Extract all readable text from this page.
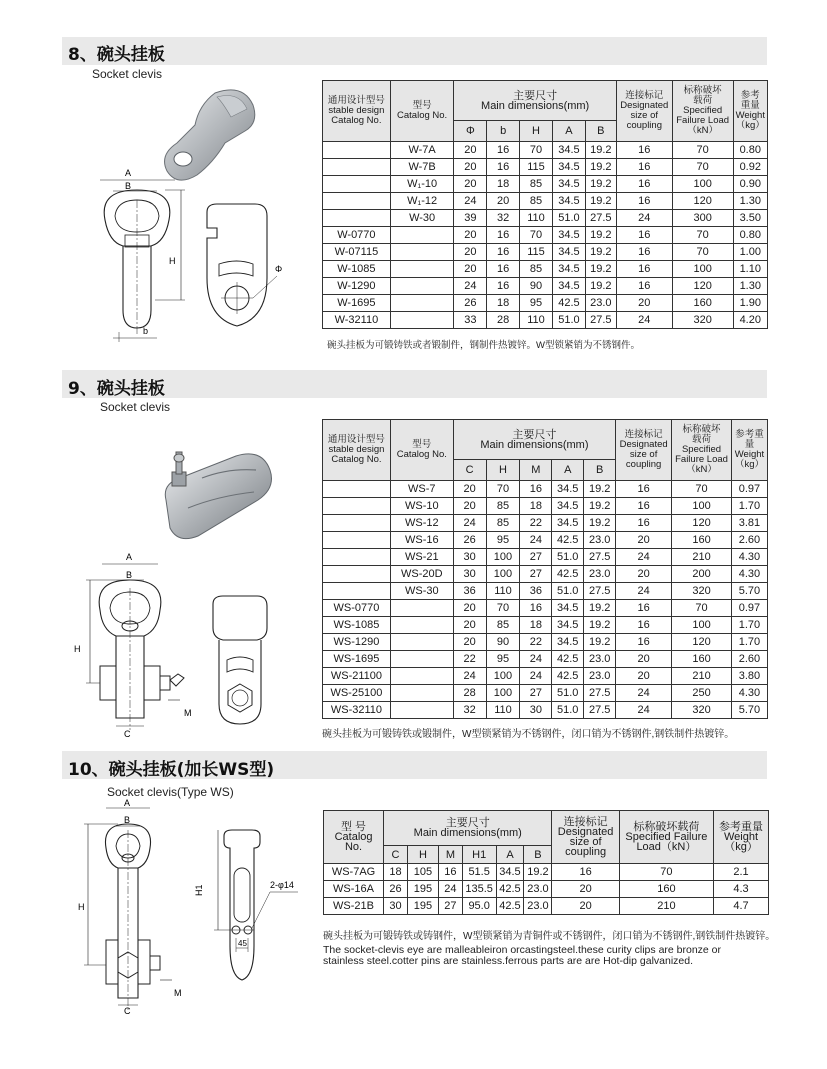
8、碗头挂板
Socket clevis
A
B
H
b
Φ
通用设计型号
stable design
Catalog No.	型号
Catalog No.	主要尺寸
Main dimensions(mm)					连接标记
Designated
size of
coupling	标称破坏
载荷
Specified
Failure Load
（kN）	参考
重量
Weight
（kg）
		Φ	b	H	A	B			
	W-7A	20	16	70	34.5	19.2	16	70	0.80
	W-7B	20	16	115	34.5	19.2	16	70	0.92
	W₁-10	20	18	85	34.5	19.2	16	100	0.90
	W₁-12	24	20	85	34.5	19.2	16	120	1.30
	W-30	39	32	110	51.0	27.5	24	300	3.50
W-0770		20	16	70	34.5	19.2	16	70	0.80
W-07115		20	16	115	34.5	19.2	16	70	1.00
W-1085		20	16	85	34.5	19.2	16	100	1.10
W-1290		24	16	90	34.5	19.2	16	120	1.30
W-1695		26	18	95	42.5	23.0	20	160	1.90
W-32110		33	28	110	51.0	27.5	24	320	4.20
碗头挂板为可锻铸铁或者锻制件，钢制件热镀锌。W型锁紧销为不锈钢件。
9、碗头挂板
Socket clevis
A
B
H
C
M
通用设计型号
stable design
Catalog No.	型号
Catalog No.	主要尺寸
Main dimensions(mm)					连接标记
Designated
size of
coupling	标称破坏
载荷
Specified
Failure Load
（kN）	参考重
量
Weight
（kg）
		C	H	M	A	B			
	WS-7	20	70	16	34.5	19.2	16	70	0.97
	WS-10	20	85	18	34.5	19.2	16	100	1.70
	WS-12	24	85	22	34.5	19.2	16	120	3.81
	WS-16	26	95	24	42.5	23.0	20	160	2.60
	WS-21	30	100	27	51.0	27.5	24	210	4.30
	WS-20D	30	100	27	42.5	23.0	20	200	4.30
	WS-30	36	110	36	51.0	27.5	24	320	5.70
WS-0770		20	70	16	34.5	19.2	16	70	0.97
WS-1085		20	85	18	34.5	19.2	16	100	1.70
WS-1290		20	90	22	34.5	19.2	16	120	1.70
WS-1695		22	95	24	42.5	23.0	20	160	2.60
WS-21100		24	100	24	42.5	23.0	20	210	3.80
WS-25100		28	100	27	51.0	27.5	24	250	4.30
WS-32110		32	110	30	51.0	27.5	24	320	5.70
碗头挂板为可锻铸铁或锻制件，W型锁紧销为不锈钢件，闭口销为不锈钢件,钢铁制件热镀锌。
10、碗头挂板(加长WS型)
Socket clevis(Type WS)
A
B
H
C
M
2-φ14
45
H1
型 号
Catalog
No.	主要尺寸
Main dimensions(mm)						连接标记
Designated
size of
coupling	标称破坏载荷
Specified Failure
Load（kN）	参考重量
Weight
（kg）
	C	H	M	H1	A	B			
WS-7AG	18	105	16	51.5	34.5	19.2	16	70	2.1
WS-16A	26	195	24	135.5	42.5	23.0	20	160	4.3
WS-21B	30	195	27	95.0	42.5	23.0	20	210	4.7
碗头挂板为可锻铸铁或铸钢件，W型锁紧销为青铜件或不锈钢件，闭口销为不锈钢件,钢铁制件热镀锌。
The socket-clevis eye are malleableiron orcastingsteel.these curity clips are bronze or
stainless steel.cotter pins are stainless.ferrous parts are are Hot-dip galvanized.
